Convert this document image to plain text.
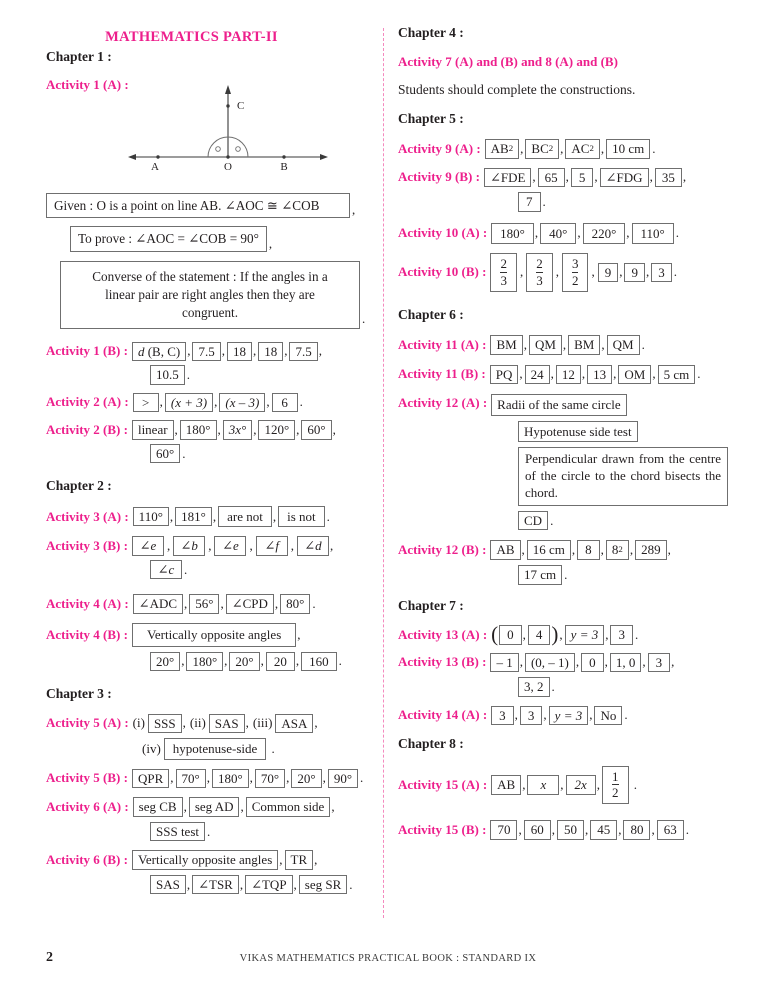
MATHEMATICS PART-II
Chapter 1 :
Activity 1 (A) :
A	O	B
C
Given : O is a point on line AB. ∠AOC ≅ ∠COB	,
To prove : ∠AOC = ∠COB = 90° ,
Converse of the statement : If the angles in a
linear pair are right angles then they are
congruent.	.
Activity 1 (B) : d (B, C) , 7.5 , 18 , 18 , 7.5 ,
10.5 .
Activity 2 (A) :	> , (x + 3) , (x – 3) , 6 .
Activity 2 (B) : linear , 180° , 3x° , 120° , 60° ,
60° .
Chapter 2 :
Activity 3 (A) : 110° , 181° , are not , is not .
Activity 3 (B) : ∠e , ∠b , ∠e , ∠f , ∠d ,
∠c .
Activity 4 (A) : ∠ADC , 56° , ∠CPD , 80° .
Activity 4 (B) :	Vertically opposite angles	,
20° , 180° , 20° , 20 , 160 .
Chapter 3 :
Activity 5 (A) : (i) SSS , (ii) SAS , (iii) ASA ,
(iv) hypotenuse-side .
Activity 5 (B) : QPR , 70° , 180° , 70° , 20° , 90° .
Activity 6 (A) : seg CB , seg AD , Common side ,
SSS test .
Activity 6 (B) : Vertically opposite angles , TR ,
SAS , ∠TSR , ∠TQP , seg SR .
Chapter 4 :
Activity 7 (A) and (B) and 8 (A) and (B)
Students should complete the constructions.
Chapter 5 :
Activity 9 (A) : AB 2 , BC 2 , AC 2 , 10 cm .
Activity 9 (B) : ∠FDE , 65 , 5 , ∠FDG , 35 ,
7 .
Activity 10 (A) :	180° , 40° , 220° , 110° .
Activity 10 (B) : $\frac{2}{3}$ , $\frac{2}{3}$ , $\frac{3}{2}$ , 9 , 9 , 3 .
Chapter 6 :
Activity 11 (A) : BM , QM , BM , QM .
Activity 11 (B) : PQ , 24 , 12 , 13 , OM , 5 cm .
Activity 12 (A) : Radii of the same circle
Hypotenuse side test
Perpendicular drawn from the centre of the circle to the chord bisects the chord.
CD .
Activity 12 (B) : AB , 16 cm , 8 , 8 2 , 289 ,
17 cm .
Chapter 7 :
Activity 13 (A) : ( 0 , 4 ) , y = 3 , 3 .
Activity 13 (B) : – 1 , (0, – 1) , 0 , 1, 0 , 3 ,
3, 2 .
Activity 14 (A) : 3 , 3 , y = 3 , No .
Chapter 8 :
Activity 15 (A) : AB ,	x	, 2x , $\frac{1}{2}$ .
Activity 15 (B) : 70 , 60 , 50 , 45 , 80 , 63 .
2	VIKAS MATHEMATICS PRACTICAL BOOK : STANDARD IX
